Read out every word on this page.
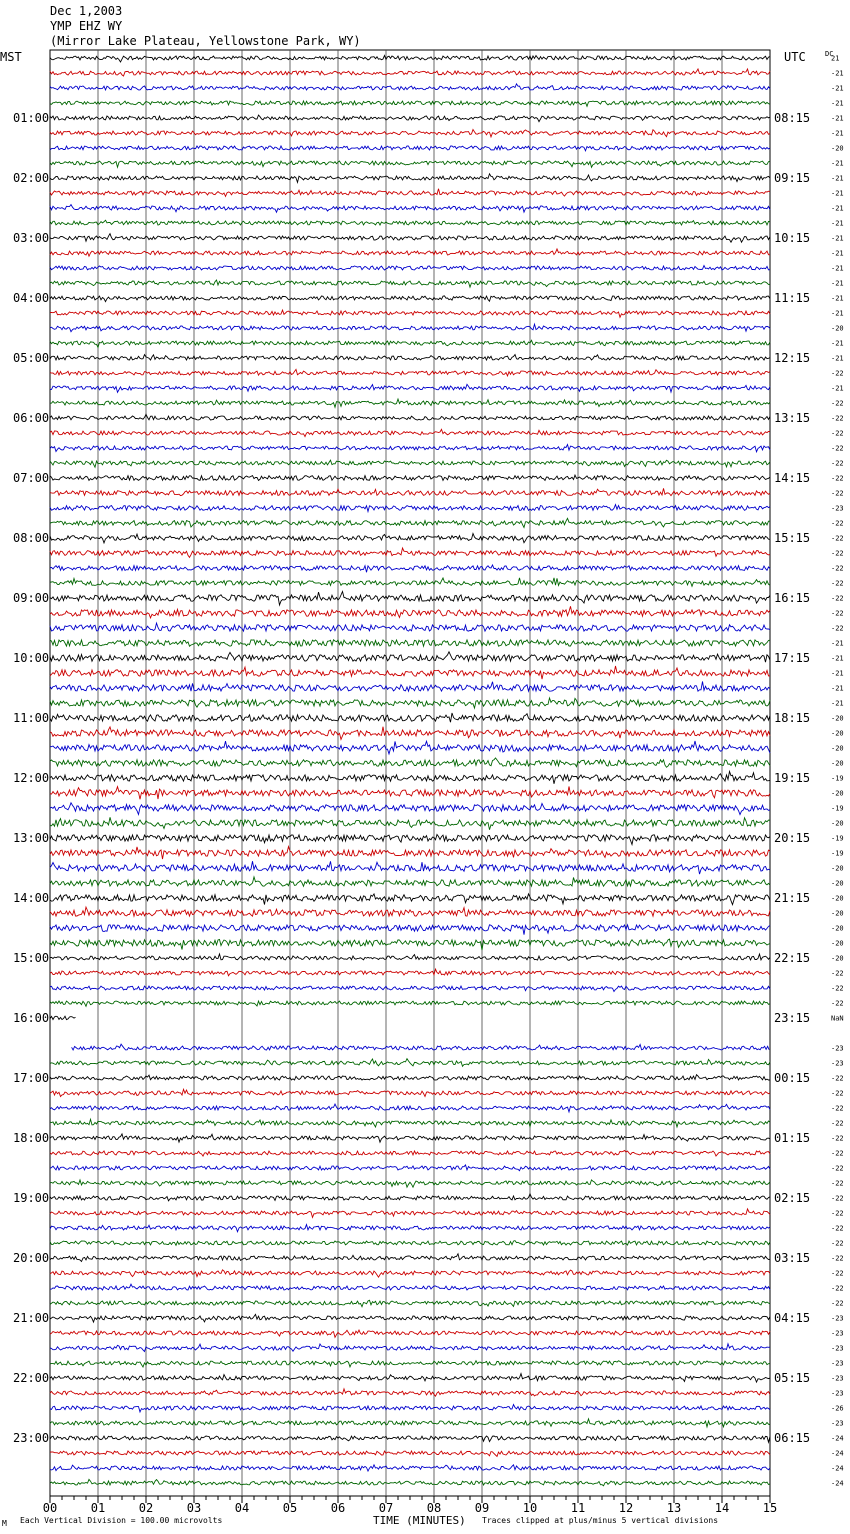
Dec 1,2003
YMP EHZ WY
(Mirror Lake Plateau, Yellowstone Park, WY)
MST	UTC	DC
TIME (MINUTES)
M Each Vertical Division = 100.00 microvolts	Traces clipped at plus/minus 5 vertical divisions
00	01	02	03	04	05	06	07	08	09	10	11	12	13	14	15
21
-21
-21
-21
-21
-21
-20
-21
-21
-21
-21
-21
-21
-21
-21
-21
-21
-21
-20
-21
-21
-22
-21
-22
-22
-22
-22
-22
-22
-22
-23
-22
-22
-22
-22
-22
-22
-22
-22
-21
-21
-21
-21
-21
-20
-20
-20
-20
-19
-20
-19
-20
-19
-19
-20
-20
-20
-20
-20
-20
-20
-22
-22
-22
NaN
-23
-23
-22
-22
-22
-22
-22
-22
-22
-22
-22
-22
-22
-22
-22
-22
-22
-22
-23
-23
-23
-23
-23
-23
-26
-23
-24
-24
-24
-24
01:00
02:00
03:00
04:00
05:00
06:00
07:00
08:00
09:00
10:00
11:00
12:00
13:00
14:00
15:00
16:00
17:00
18:00
19:00
20:00
21:00
22:00
23:00
08:15
09:15
10:15
11:15
12:15
13:15
14:15
15:15
16:15
17:15
18:15
19:15
20:15
21:15
22:15
23:15
00:15
01:15
02:15
03:15
04:15
05:15
06:15
